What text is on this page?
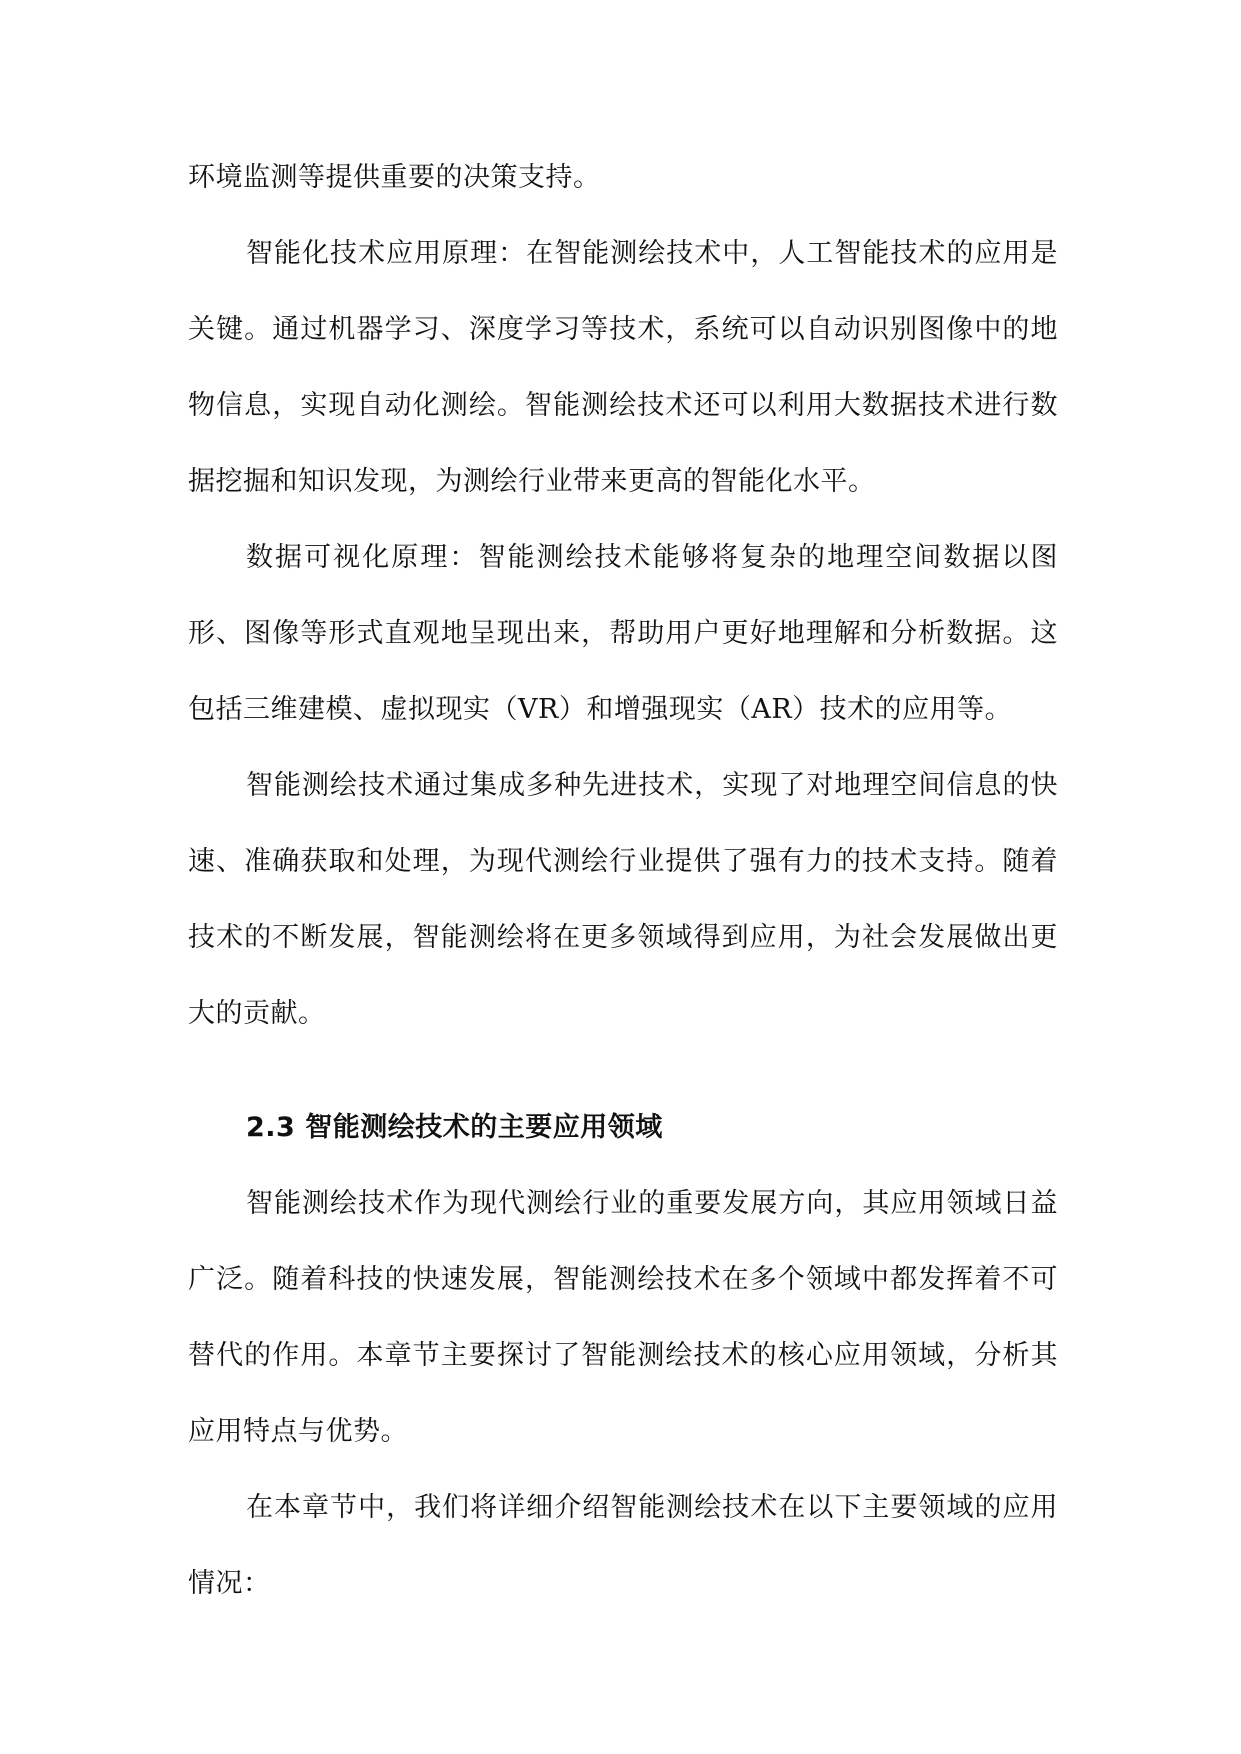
环境监测等提供重要的决策支持。

智能化技术应用原理：在智能测绘技术中，人工智能技术的应用是关键。通过机器学习、深度学习等技术，系统可以自动识别图像中的地物信息，实现自动化测绘。智能测绘技术还可以利用大数据技术进行数据挖掘和知识发现，为测绘行业带来更高的智能化水平。

数据可视化原理：智能测绘技术能够将复杂的地理空间数据以图形、图像等形式直观地呈现出来，帮助用户更好地理解和分析数据。这包括三维建模、虚拟现实（VR）和增强现实（AR）技术的应用等。

智能测绘技术通过集成多种先进技术，实现了对地理空间信息的快速、准确获取和处理，为现代测绘行业提供了强有力的技术支持。随着技术的不断发展，智能测绘将在更多领域得到应用，为社会发展做出更大的贡献。

2.3 智能测绘技术的主要应用领域

智能测绘技术作为现代测绘行业的重要发展方向，其应用领域日益广泛。随着科技的快速发展，智能测绘技术在多个领域中都发挥着不可替代的作用。本章节主要探讨了智能测绘技术的核心应用领域，分析其应用特点与优势。

在本章节中，我们将详细介绍智能测绘技术在以下主要领域的应用情况：
